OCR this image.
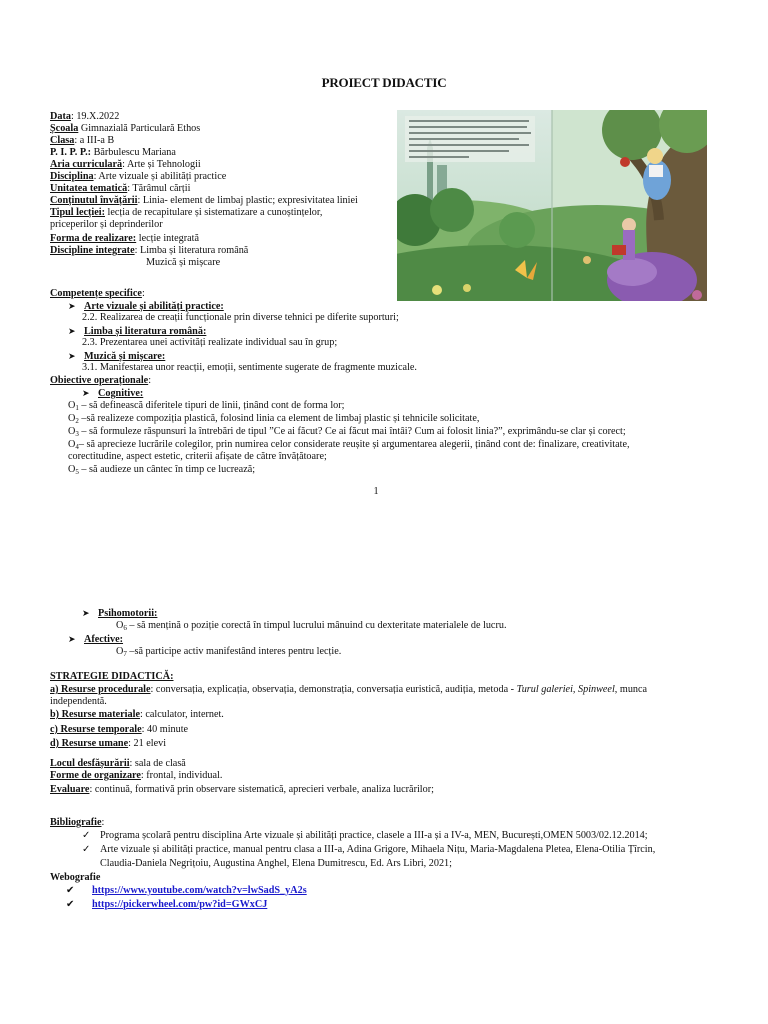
PROIECT DIDACTIC
Data: 19.X.2022
Școala Gimnazială Particulară Ethos
Clasa: a III-a B
P. I. P. P.: Bărbulescu Mariana
Aria curriculară: Arte și Tehnologii
Disciplina: Arte vizuale și abilități practice
Unitatea tematică: Tărâmul cărții
Conținutul învățării: Linia- element de limbaj plastic; expresivitatea liniei
Tipul lecției: lecția de recapitulare și sistematizare a cunoștințelor,
priceperilor și deprinderilor
Forma de realizare: lecție integrată
Discipline integrate: Limba și literatura română
Muzică și mișcare
Competențe specifice:
➤ Arte vizuale și abilități practice:
2.2. Realizarea de creații funcționale prin diverse tehnici pe diferite suporturi;
➤ Limba și literatura română:
2.3. Prezentarea unei activități realizate individual sau în grup;
➤ Muzică și mișcare:
3.1. Manifestarea unor reacții, emoții, sentimente sugerate de fragmente muzicale.
Obiective operaționale:
➤ Cognitive:
$O_1$ – să definească diferitele tipuri de linii, ținând cont de forma lor;
$O_2$ –să realizeze compoziția plastică, folosind linia ca element de limbaj plastic și tehnicile solicitate,
$O_3$ – să formuleze răspunsuri la întrebări de tipul ”Ce ai făcut? Ce ai făcut mai întâi? Cum ai folosit linia?”, exprimându-se clar și corect;
$O_4-$ să aprecieze lucrările colegilor, prin numirea celor considerate reușite și argumentarea alegerii, ținând cont de: finalizare, creativitate,
corectitudine, aspect estetic, criterii afișate de către învățătoare;
$O_5$ – să audieze un cântec în timp ce lucrează;
1
➤ Psihomotorii:
$O_6$ – să mențină o poziție corectă în timpul lucrului mânuind cu dexteritate materialele de lucru.
➤ Afective:
$O_7$ –să participe activ manifestând interes pentru lecție.
STRATEGIE DIDACTICĂ:
a) Resurse procedurale: conversația, explicația, observația, demonstrația, conversația euristică, audiția, metoda - Turul galeriei, Spinweel, munca
independentă.
b) Resurse materiale: calculator, internet.
c) Resurse temporale: 40 minute
d) Resurse umane: 21 elevi
Locul desfășurării: sala de clasă
Forme de organizare: frontal, individual.
Evaluare: continuă, formativă prin observare sistematică, aprecieri verbale, analiza lucrărilor;
Bibliografie:
✓ Programa școlară pentru disciplina Arte vizuale și abilități practice, clasele a III-a și a IV-a, MEN, București,OMEN 5003/02.12.2014;
✓ Arte vizuale și abilități practice, manual pentru clasa a III-a, Adina Grigore, Mihaela Nițu, Maria-Magdalena Pletea, Elena-Otilia Țîrcin,
Claudia-Daniela Negrițoiu, Augustina Anghel, Elena Dumitrescu, Ed. Ars Libri, 2021;
Webografie
✔ https://www.youtube.com/watch?v=lwSadS_yA2s
✔ https://pickerwheel.com/pw?id=GWxCJ
